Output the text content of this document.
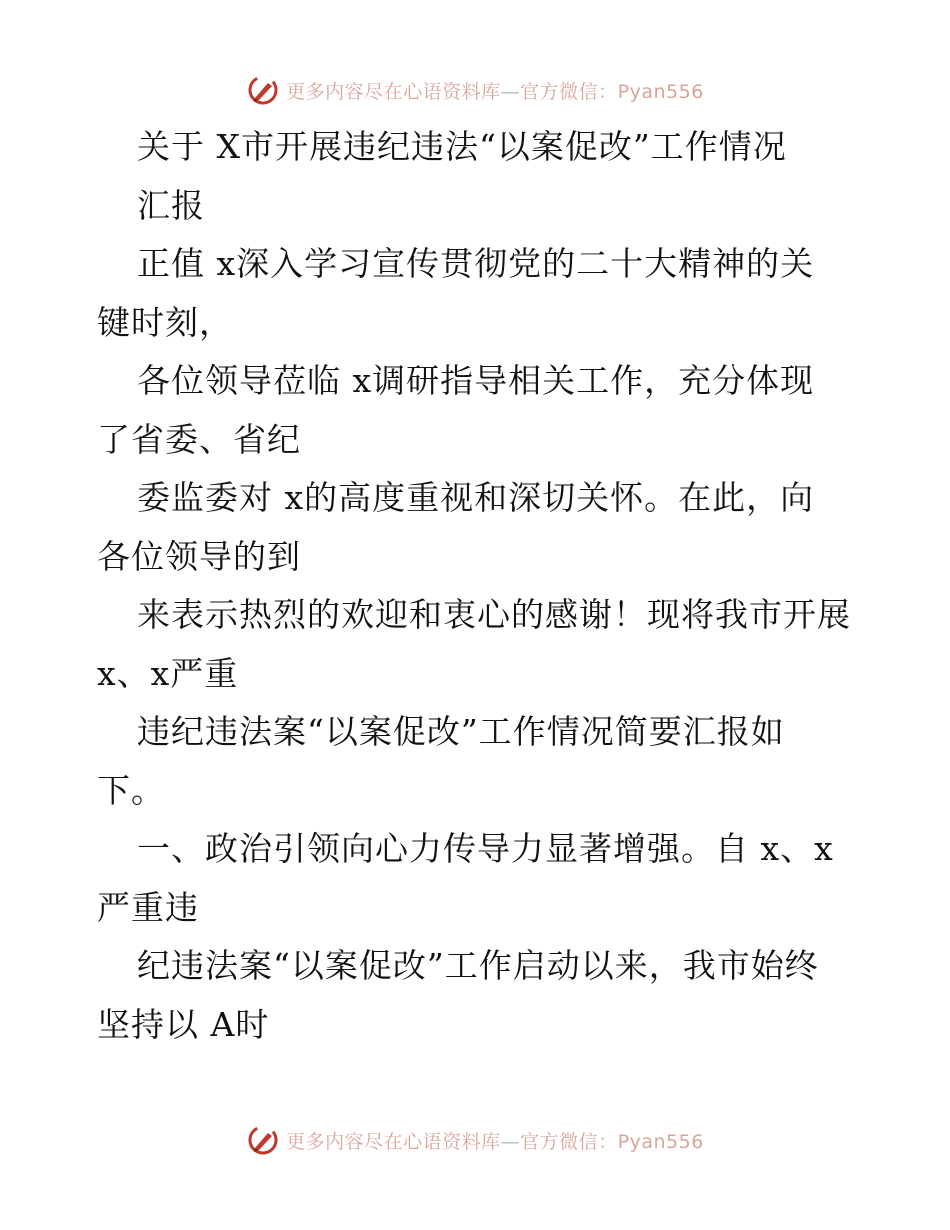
更多内容尽在心语资料库—官方微信：Pyan556
关于 X市开展违纪违法“以案促改”工作情况
汇报
正值 x深入学习宣传贯彻党的二十大精神的关
键时刻，
各位领导莅临 x调研指导相关工作，充分体现
了省委、省纪
委监委对 x的高度重视和深切关怀。在此，向
各位领导的到
来表示热烈的欢迎和衷心的感谢！现将我市开展
x、x严重
违纪违法案“以案促改”工作情况简要汇报如
下。
一、政治引领向心力传导力显著增强。自 x、x
严重违
纪违法案“以案促改”工作启动以来，我市始终
坚持以 A时
更多内容尽在心语资料库—官方微信：Pyan556
